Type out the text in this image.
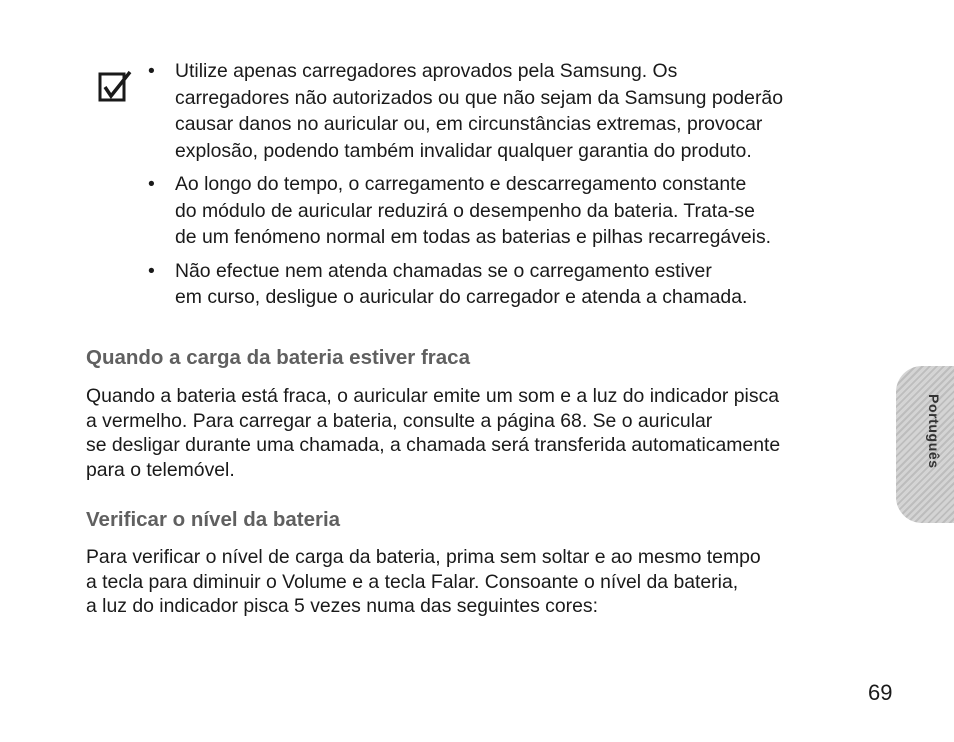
• Utilize apenas carregadores aprovados pela Samsung. Os
carregadores não autorizados ou que não sejam da Samsung poderão
causar danos no auricular ou, em circunstâncias extremas, provocar
explosão, podendo também invalidar qualquer garantia do produto.
• Ao longo do tempo, o carregamento e descarregamento constante
do módulo de auricular reduzirá o desempenho da bateria. Trata-se
de um fenómeno normal em todas as baterias e pilhas recarregáveis.
• Não efectue nem atenda chamadas se o carregamento estiver
em curso, desligue o auricular do carregador e atenda a chamada.
Quando a carga da bateria estiver fraca

Quando a bateria está fraca, o auricular emite um som e a luz do indicador pisca
a vermelho. Para carregar a bateria, consulte a página 68. Se o auricular
se desligar durante uma chamada, a chamada será transferida automaticamente
para o telemóvel.

Verificar o nível da bateria

Para verificar o nível de carga da bateria, prima sem soltar e ao mesmo tempo
a tecla para diminuir o Volume e a tecla Falar. Consoante o nível da bateria,
a luz do indicador pisca 5 vezes numa das seguintes cores:

Português
69
